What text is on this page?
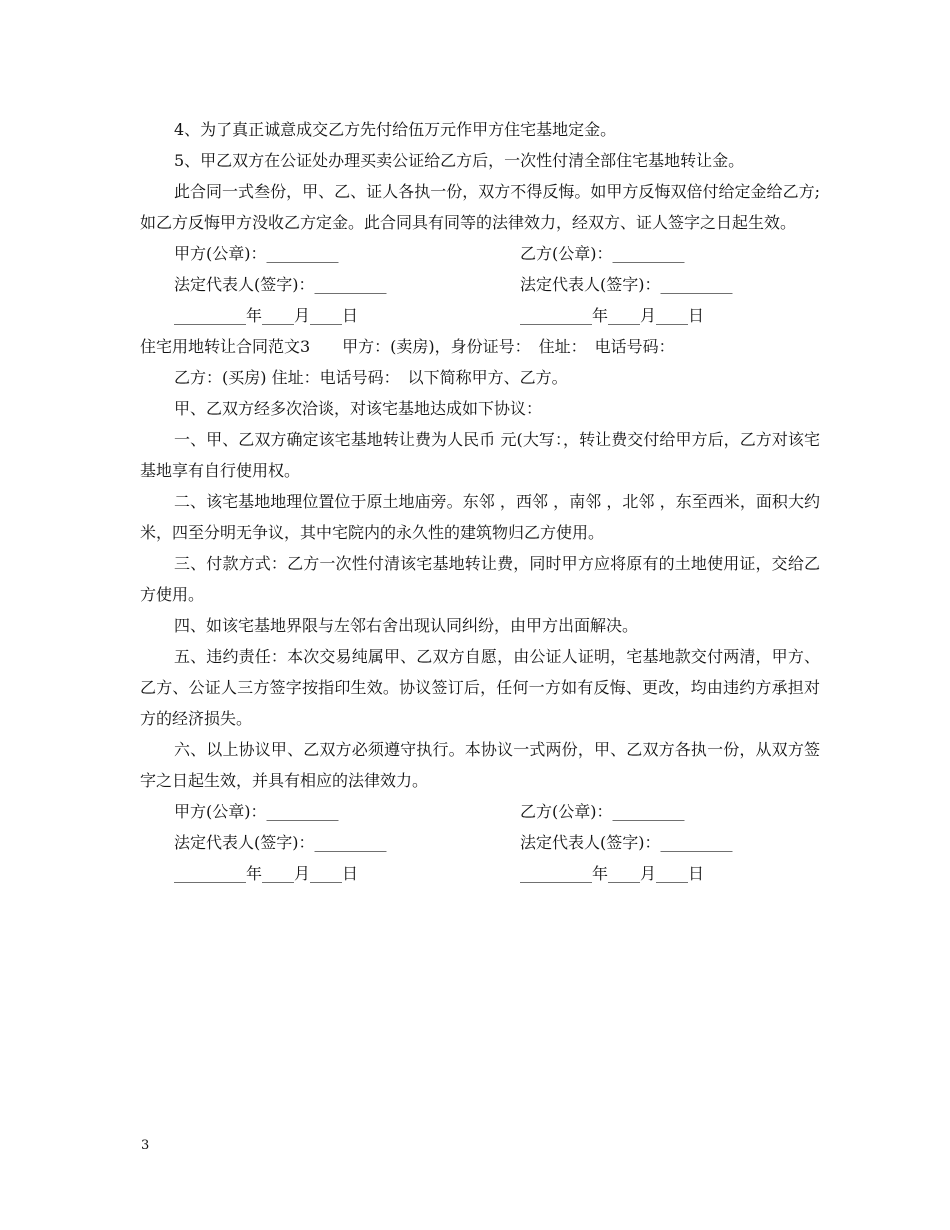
4、为了真正诚意成交乙方先付给伍万元作甲方住宅基地定金。

5、甲乙双方在公证处办理买卖公证给乙方后，一次性付清全部住宅基地转让金。

此合同一式叁份，甲、乙、证人各执一份，双方不得反悔。如甲方反悔双倍付给定金给乙方;如乙方反悔甲方没收乙方定金。此合同具有同等的法律效力，经双方、证人签字之日起生效。

甲方(公章)：_________	乙方(公章)：_________
法定代表人(签字)：_________	法定代表人(签字)：_________
_________年____月____日	_________年____月____日

住宅用地转让合同范文3　　甲方：(卖房)，身份证号：　住址：　电话号码：

乙方：(买房) 住址：电话号码：　以下简称甲方、乙方。

甲、乙双方经多次洽谈，对该宅基地达成如下协议：

一、甲、乙双方确定该宅基地转让费为人民币 元(大写：，转让费交付给甲方后，乙方对该宅基地享有自行使用权。

二、该宅基地地理位置位于原土地庙旁。东邻 ，西邻 ，南邻 ，北邻 ，东至西米，面积大约 米，四至分明无争议，其中宅院内的永久性的建筑物归乙方使用。

三、付款方式：乙方一次性付清该宅基地转让费，同时甲方应将原有的土地使用证，交给乙方使用。

四、如该宅基地界限与左邻右舍出现认同纠纷，由甲方出面解决。

五、违约责任：本次交易纯属甲、乙双方自愿，由公证人证明，宅基地款交付两清，甲方、乙方、公证人三方签字按指印生效。协议签订后，任何一方如有反悔、更改，均由违约方承担对方的经济损失。

六、以上协议甲、乙双方必须遵守执行。本协议一式两份，甲、乙双方各执一份，从双方签字之日起生效，并具有相应的法律效力。

甲方(公章)：_________	乙方(公章)：_________
法定代表人(签字)：_________	法定代表人(签字)：_________
_________年____月____日	_________年____月____日
3
